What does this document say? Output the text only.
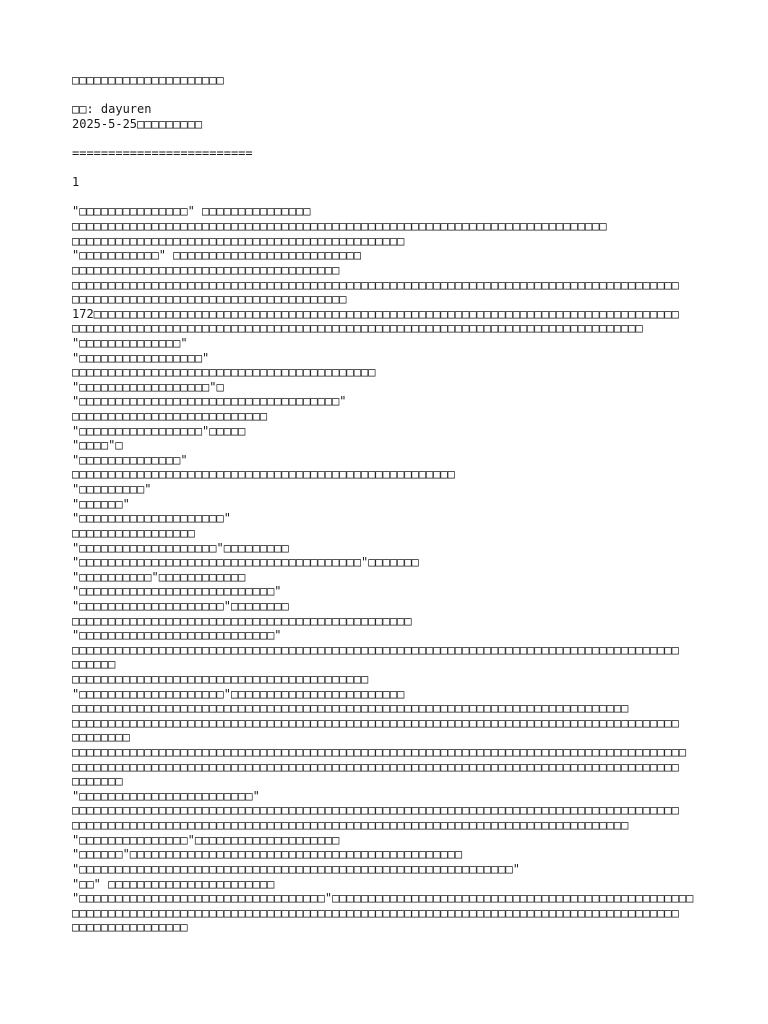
□□□□□□□□□□□□□□□□□□□□□
□□: dayuren
2025-5-25□□□□□□□□□
=========================
1
"□□□□□□□□□□□□□□□" □□□□□□□□□□□□□□□
□□□□□□□□□□□□□□□□□□□□□□□□□□□□□□□□□□□□□□□□□□□□□□□□□□□□□□□□□□□□□□□□□□□□□□□□□□
□□□□□□□□□□□□□□□□□□□□□□□□□□□□□□□□□□□□□□□□□□□□□□
"□□□□□□□□□□□" □□□□□□□□□□□□□□□□□□□□□□□□□□
□□□□□□□□□□□□□□□□□□□□□□□□□□□□□□□□□□□□□
□□□□□□□□□□□□□□□□□□□□□□□□□□□□□□□□□□□□□□□□□□□□□□□□□□□□□□□□□□□□□□□□□□□□□□□□□□□□□□□□□□□□
□□□□□□□□□□□□□□□□□□□□□□□□□□□□□□□□□□□□□□
172□□□□□□□□□□□□□□□□□□□□□□□□□□□□□□□□□□□□□□□□□□□□□□□□□□□□□□□□□□□□□□□□□□□□□□□□□□□□□□□□□
□□□□□□□□□□□□□□□□□□□□□□□□□□□□□□□□□□□□□□□□□□□□□□□□□□□□□□□□□□□□□□□□□□□□□□□□□□□□□□□
"□□□□□□□□□□□□□□"
"□□□□□□□□□□□□□□□□□"
□□□□□□□□□□□□□□□□□□□□□□□□□□□□□□□□□□□□□□□□□□
"□□□□□□□□□□□□□□□□□□"□
"□□□□□□□□□□□□□□□□□□□□□□□□□□□□□□□□□□□□"
□□□□□□□□□□□□□□□□□□□□□□□□□□□
"□□□□□□□□□□□□□□□□□"□□□□□
"□□□□"□
"□□□□□□□□□□□□□□"
□□□□□□□□□□□□□□□□□□□□□□□□□□□□□□□□□□□□□□□□□□□□□□□□□□□□□
"□□□□□□□□□"
"□□□□□□"
"□□□□□□□□□□□□□□□□□□□□"
□□□□□□□□□□□□□□□□□
"□□□□□□□□□□□□□□□□□□□"□□□□□□□□□
"□□□□□□□□□□□□□□□□□□□□□□□□□□□□□□□□□□□□□□□"□□□□□□□
"□□□□□□□□□□"□□□□□□□□□□□□
"□□□□□□□□□□□□□□□□□□□□□□□□□□□"
"□□□□□□□□□□□□□□□□□□□□"□□□□□□□□
□□□□□□□□□□□□□□□□□□□□□□□□□□□□□□□□□□□□□□□□□□□□□□□
"□□□□□□□□□□□□□□□□□□□□□□□□□□□"
□□□□□□□□□□□□□□□□□□□□□□□□□□□□□□□□□□□□□□□□□□□□□□□□□□□□□□□□□□□□□□□□□□□□□□□□□□□□□□□□□□□□
□□□□□□
□□□□□□□□□□□□□□□□□□□□□□□□□□□□□□□□□□□□□□□□□
"□□□□□□□□□□□□□□□□□□□□"□□□□□□□□□□□□□□□□□□□□□□□□
□□□□□□□□□□□□□□□□□□□□□□□□□□□□□□□□□□□□□□□□□□□□□□□□□□□□□□□□□□□□□□□□□□□□□□□□□□□□□
□□□□□□□□□□□□□□□□□□□□□□□□□□□□□□□□□□□□□□□□□□□□□□□□□□□□□□□□□□□□□□□□□□□□□□□□□□□□□□□□□□□□
□□□□□□□□
□□□□□□□□□□□□□□□□□□□□□□□□□□□□□□□□□□□□□□□□□□□□□□□□□□□□□□□□□□□□□□□□□□□□□□□□□□□□□□□□□□□□□
□□□□□□□□□□□□□□□□□□□□□□□□□□□□□□□□□□□□□□□□□□□□□□□□□□□□□□□□□□□□□□□□□□□□□□□□□□□□□□□□□□□□
□□□□□□□
"□□□□□□□□□□□□□□□□□□□□□□□□"
□□□□□□□□□□□□□□□□□□□□□□□□□□□□□□□□□□□□□□□□□□□□□□□□□□□□□□□□□□□□□□□□□□□□□□□□□□□□□□□□□□□□
□□□□□□□□□□□□□□□□□□□□□□□□□□□□□□□□□□□□□□□□□□□□□□□□□□□□□□□□□□□□□□□□□□□□□□□□□□□□□
"□□□□□□□□□□□□□□□"□□□□□□□□□□□□□□□□□□□□
"□□□□□□"□□□□□□□□□□□□□□□□□□□□□□□□□□□□□□□□□□□□□□□□□□□□□□
"□□□□□□□□□□□□□□□□□□□□□□□□□□□□□□□□□□□□□□□□□□□□□□□□□□□□□□□□□□□□"
"□□" □□□□□□□□□□□□□□□□□□□□□□□
"□□□□□□□□□□□□□□□□□□□□□□□□□□□□□□□□□□"□□□□□□□□□□□□□□□□□□□□□□□□□□□□□□□□□□□□□□□□□□□□□□□□□□
□□□□□□□□□□□□□□□□□□□□□□□□□□□□□□□□□□□□□□□□□□□□□□□□□□□□□□□□□□□□□□□□□□□□□□□□□□□□□□□□□□□□
□□□□□□□□□□□□□□□□
